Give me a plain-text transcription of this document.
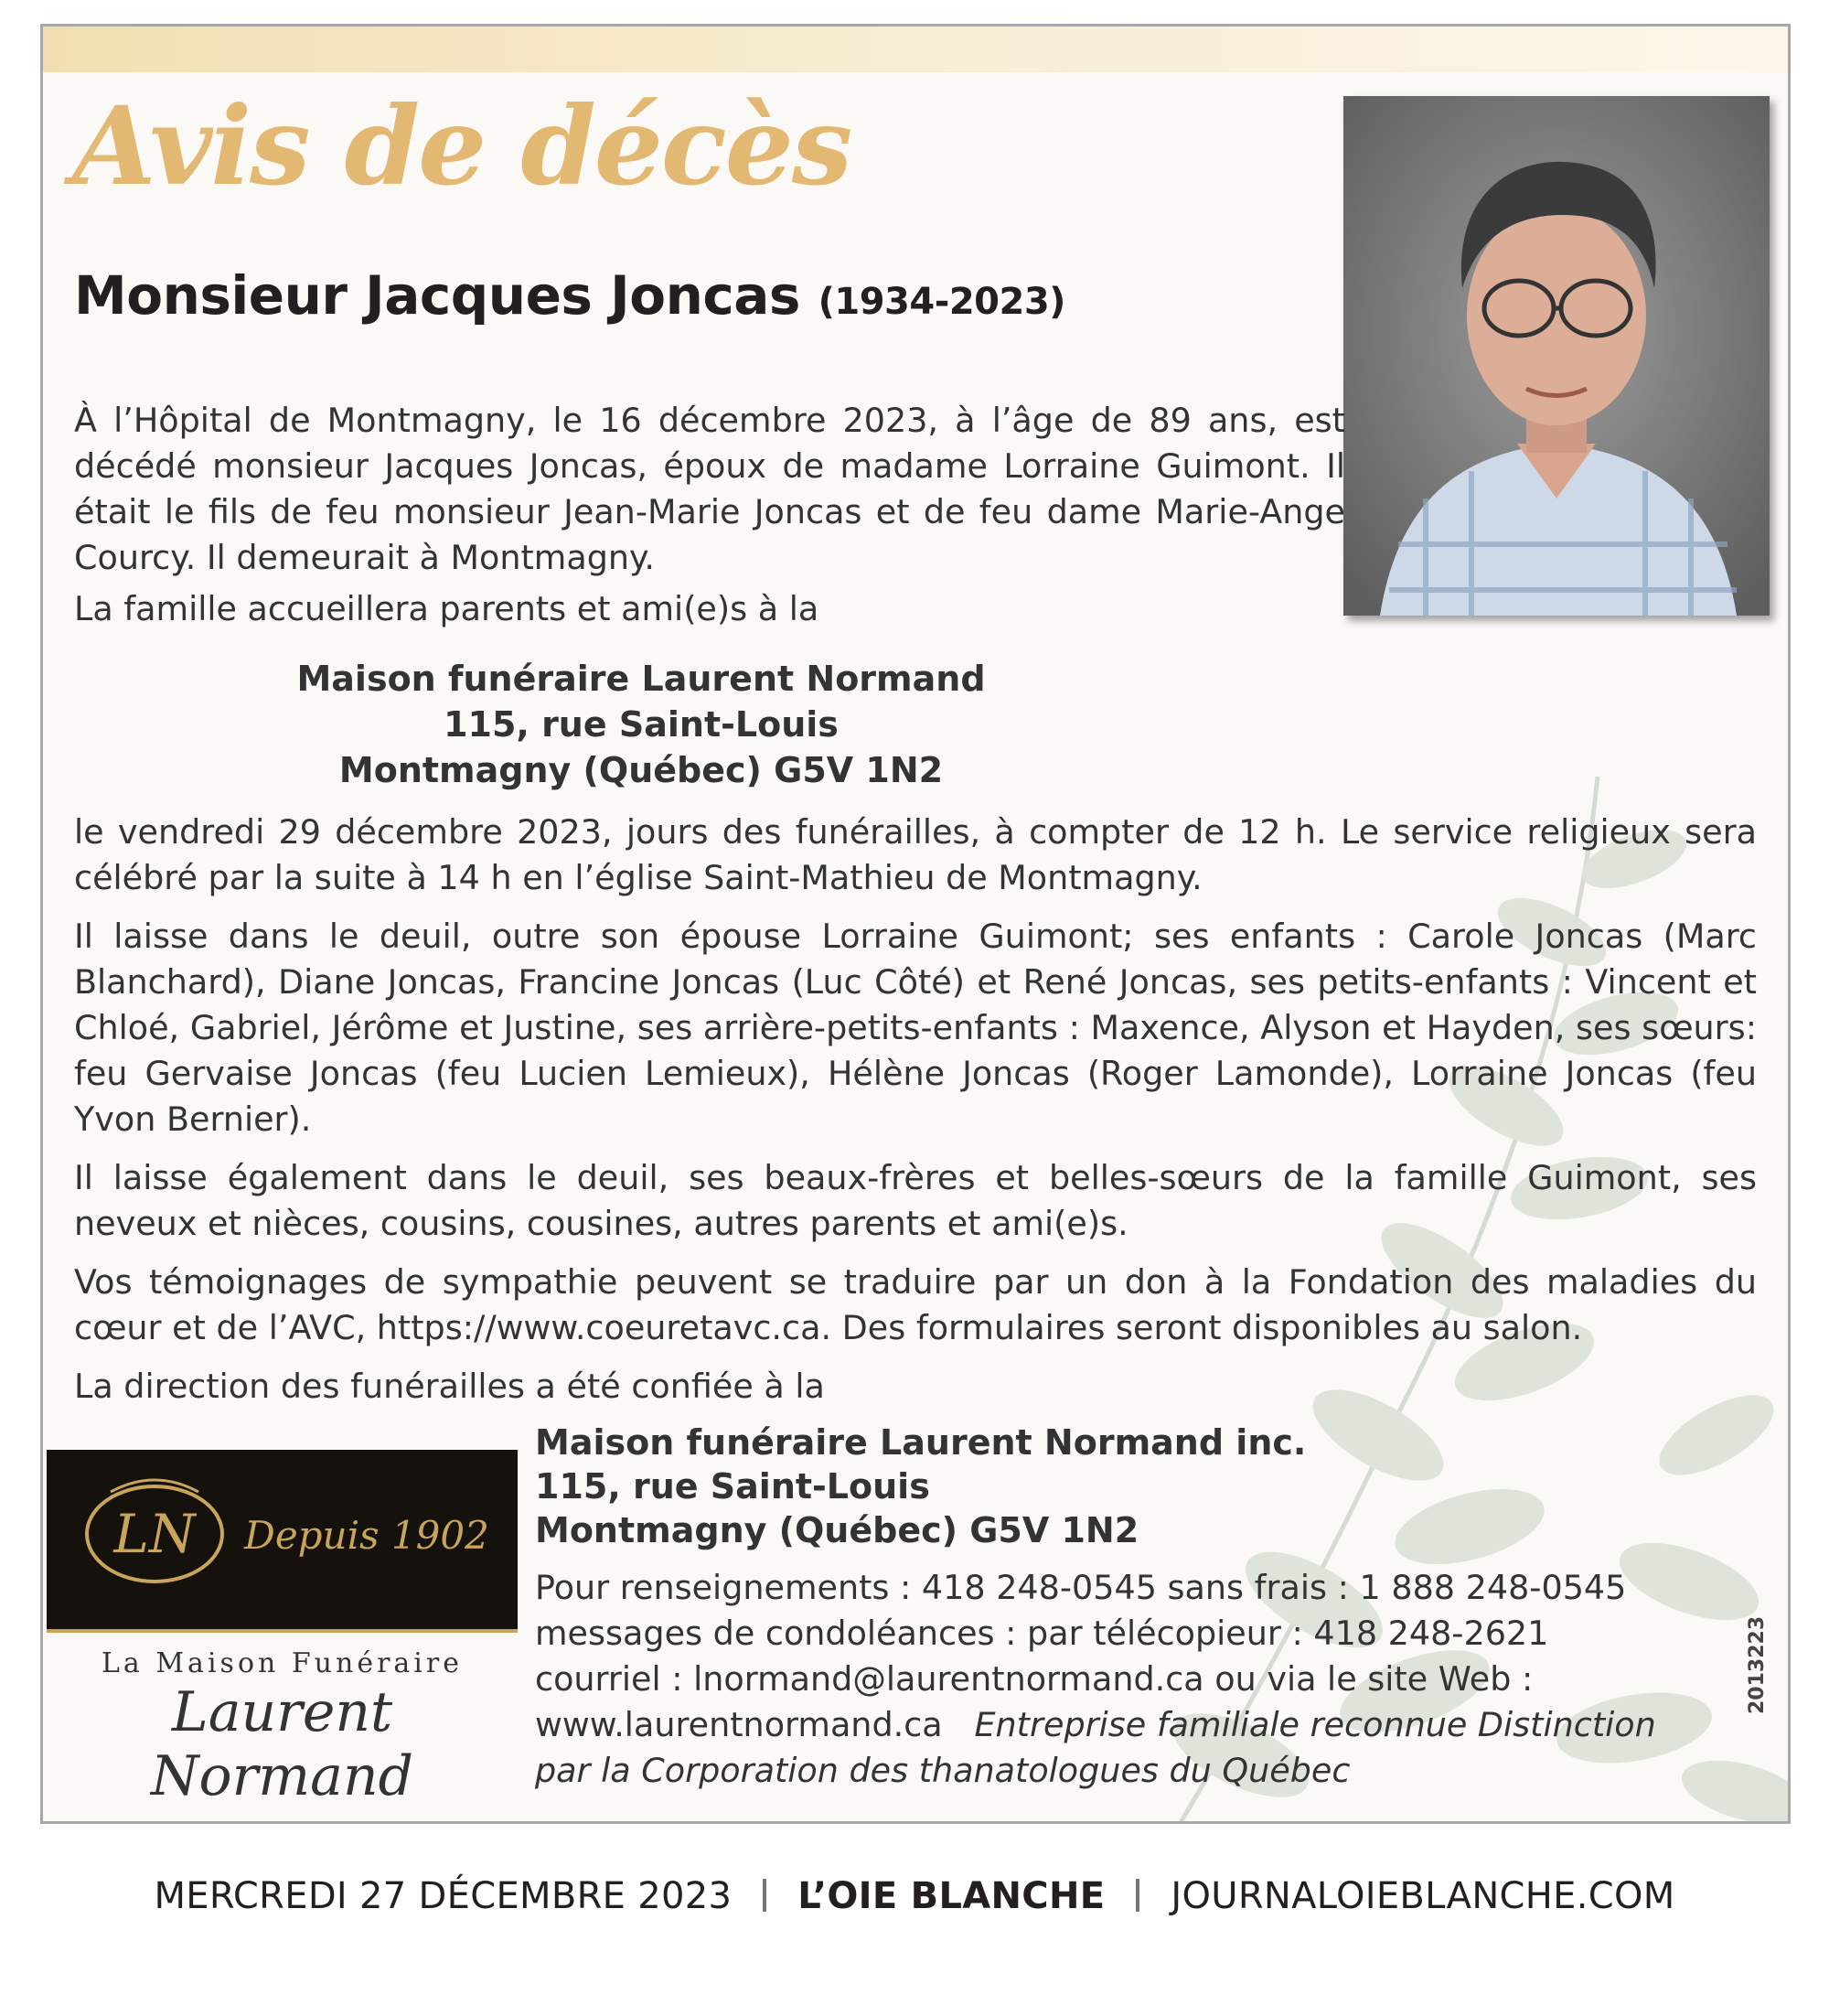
Avis de décès
Monsieur Jacques Joncas (1934-2023)

À l’Hôpital de Montmagny, le 16 décembre 2023, à l’âge de 89 ans, est décédé monsieur Jacques Joncas, époux de madame Lorraine Guimont. Il était le fils de feu monsieur Jean-Marie Joncas et de feu dame Marie-Ange Courcy. Il demeurait à Montmagny.

La famille accueillera parents et ami(e)s à la

Maison funéraire Laurent Normand
115, rue Saint-Louis
Montmagny (Québec) G5V 1N2

le vendredi 29 décembre 2023, jours des funérailles, à compter de 12 h. Le service religieux sera célébré par la suite à 14 h en l’église Saint-Mathieu de Montmagny.

Il laisse dans le deuil, outre son épouse Lorraine Guimont; ses enfants : Carole Joncas (Marc Blanchard), Diane Joncas, Francine Joncas (Luc Côté) et René Joncas, ses petits-enfants : Vincent et Chloé, Gabriel, Jérôme et Justine, ses arrière-petits-enfants : Maxence, Alyson et Hayden, ses sœurs: feu Gervaise Joncas (feu Lucien Lemieux), Hélène Joncas (Roger Lamonde), Lorraine Joncas (feu Yvon Bernier).

Il laisse également dans le deuil, ses beaux-frères et belles-sœurs de la famille Guimont, ses neveux et nièces, cousins, cousines, autres parents et ami(e)s.

Vos témoignages de sympathie peuvent se traduire par un don à la Fondation des maladies du cœur et de l’AVC, https://www.coeuretavc.ca. Des formulaires seront disponibles au salon.

La direction des funérailles a été confiée à la

LN Depuis 1902
La Maison Funéraire
Laurent Normand
Maison funéraire Laurent Normand inc.
115, rue Saint-Louis
Montmagny (Québec) G5V 1N2
Pour renseignements : 418 248-0545 sans frais : 1 888 248-0545
messages de condoléances : par télécopieur : 418 248-2621
courriel : lnormand@laurentnormand.ca ou via le site Web :
www.laurentnormand.ca Entreprise familiale reconnue Distinction
par la Corporation des thanatologues du Québec
2013223
MERCREDI 27 DÉCEMBRE 2023 L’OIE BLANCHE JOURNALOIEBLANCHE.COM
